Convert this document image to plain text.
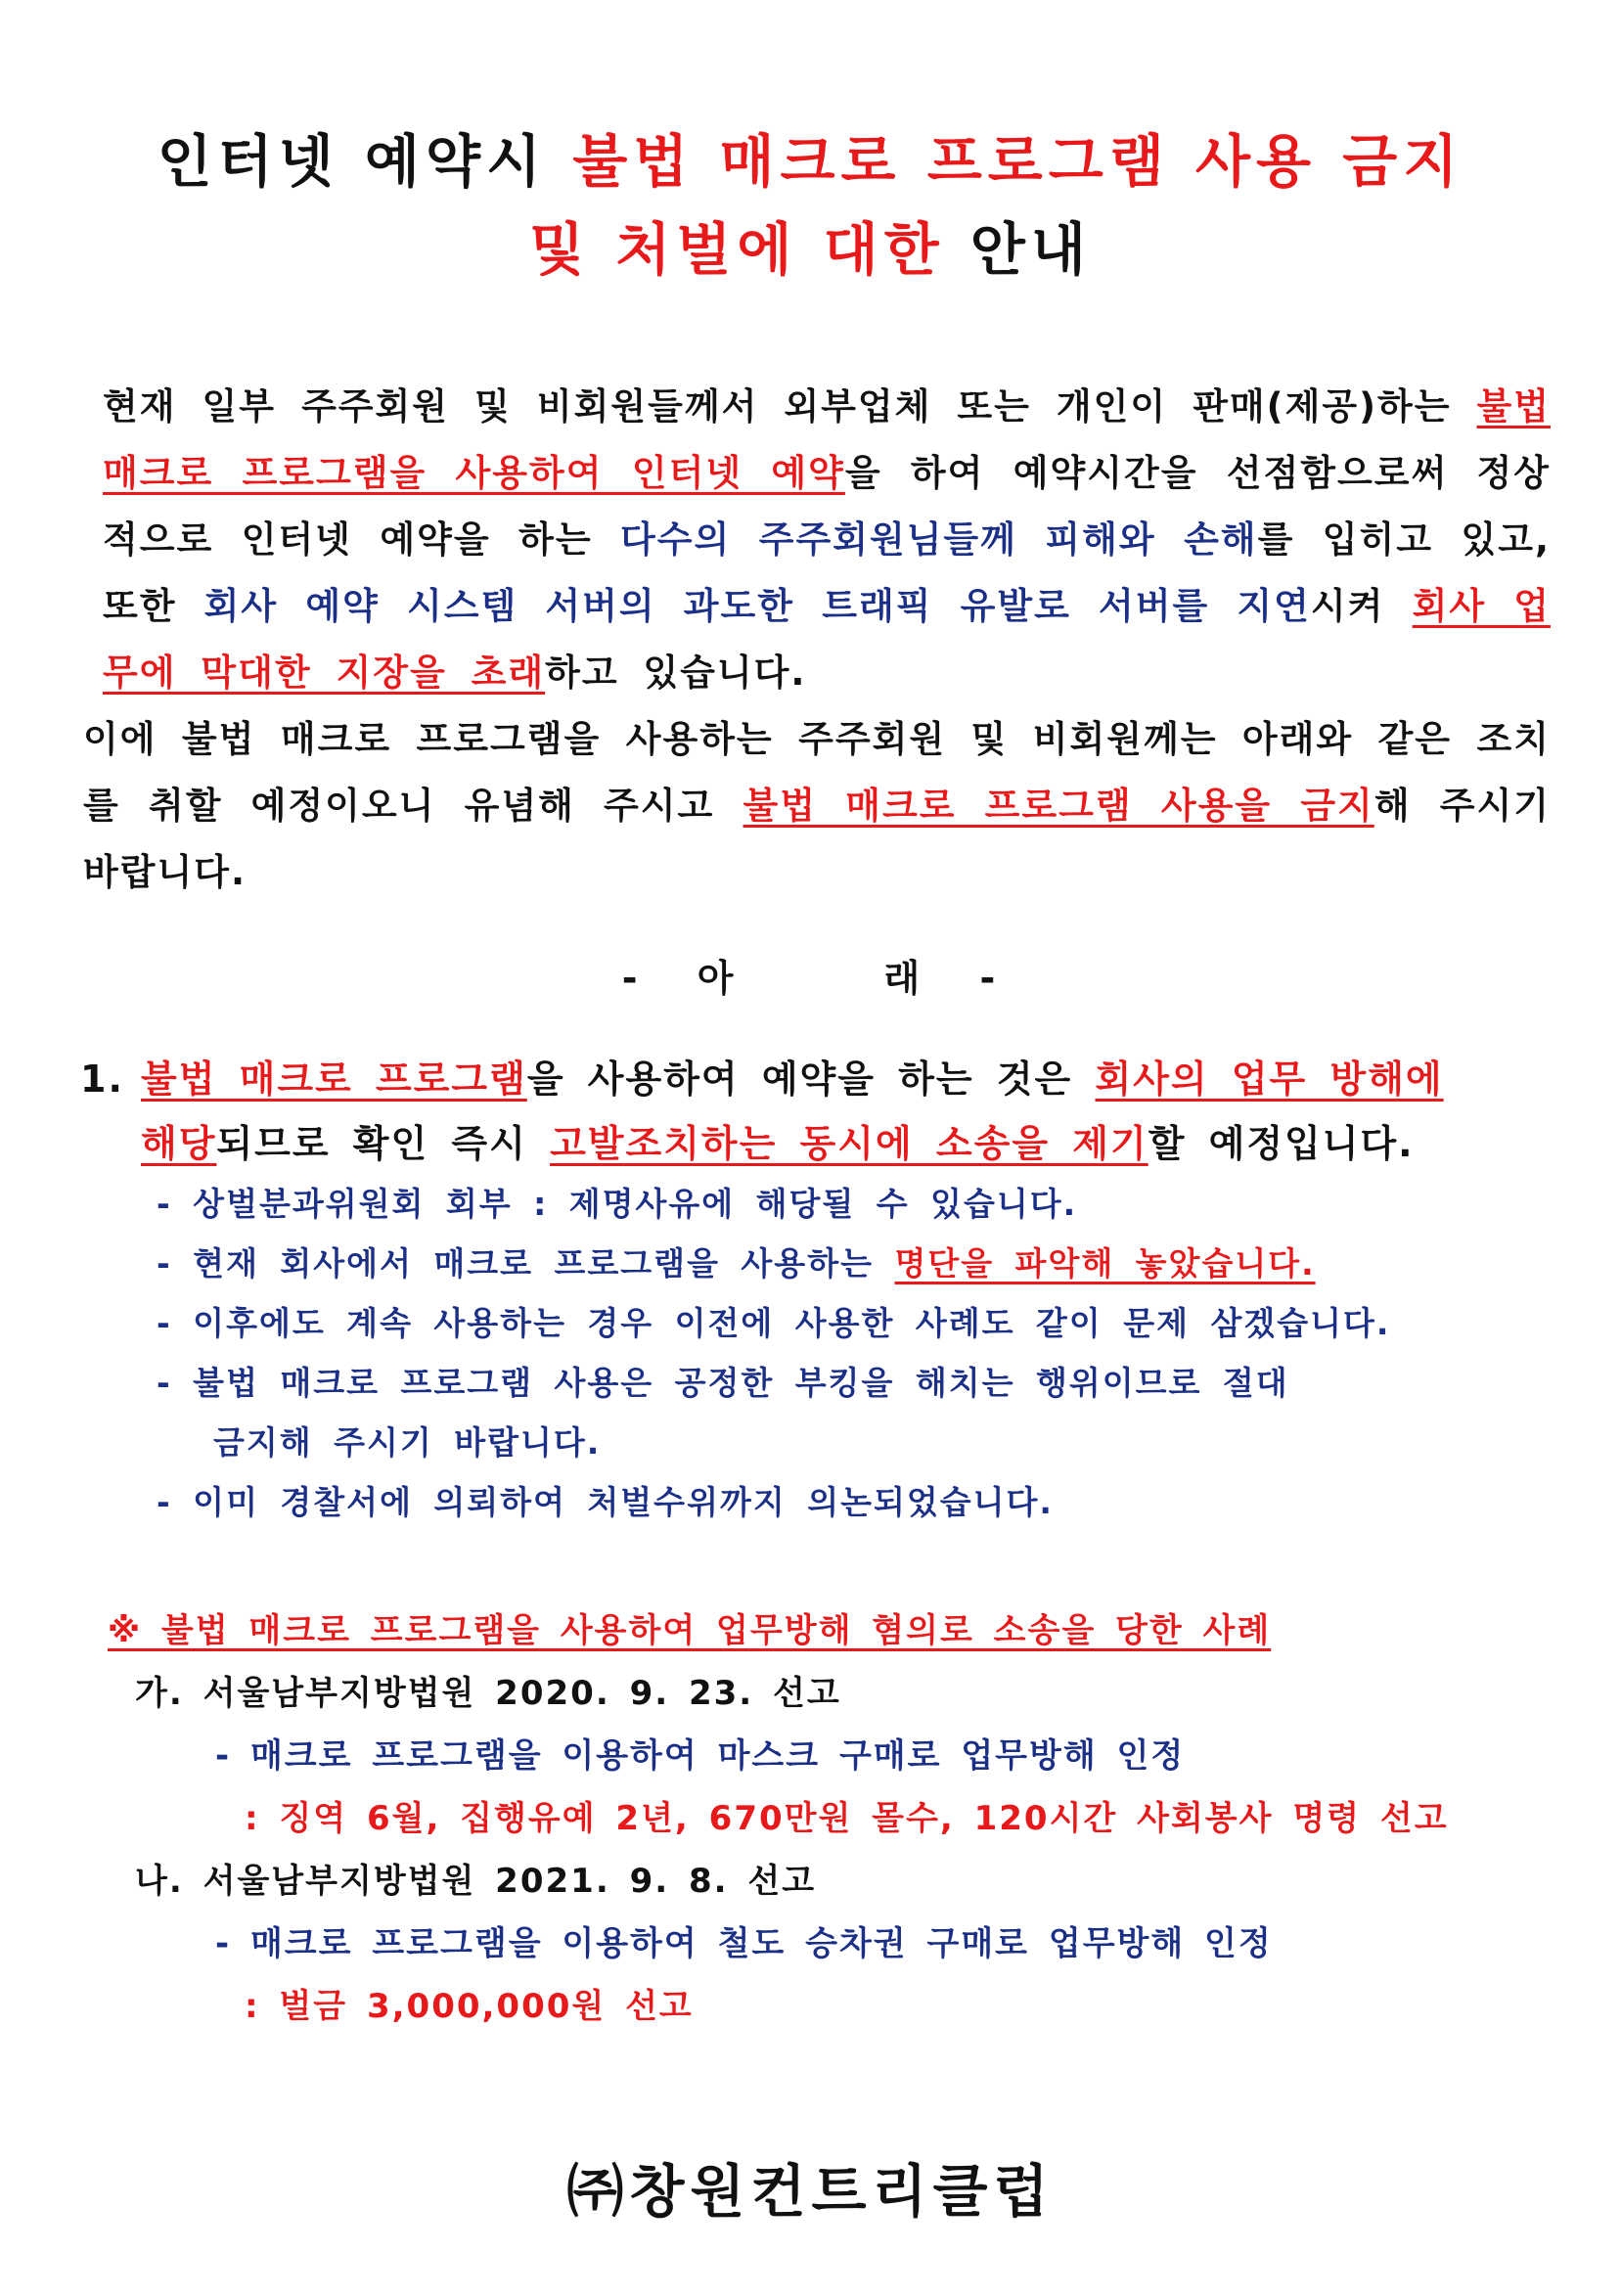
인터넷 예약시 불법 매크로 프로그램 사용 금지
및 처벌에 대한 안내

현재 일부 주주회원 및 비회원들께서 외부업체 또는 개인이 판매(제공)하는 불법 매크로 프로그램을 사용하여 인터넷 예약을 하여 예약시간을 선점함으로써 정상적으로 인터넷 예약을 하는 다수의 주주회원님들께 피해와 손해를 입히고 있고, 또한 회사 예약 시스템 서버의 과도한 트래픽 유발로 서버를 지연시켜 회사 업무에 막대한 지장을 초래하고 있습니다.

이에 불법 매크로 프로그램을 사용하는 주주회원 및 비회원께는 아래와 같은 조치를 취할 예정이오니 유념해 주시고 불법 매크로 프로그램 사용을 금지해 주시기 바랍니다.

- 아	래 -
1. 불법 매크로 프로그램을 사용하여 예약을 하는 것은 회사의 업무 방해에
해당되므로 확인 즉시 고발조치하는 동시에 소송을 제기할 예정입니다.
- 상벌분과위원회 회부 : 제명사유에 해당될 수 있습니다.
- 현재 회사에서 매크로 프로그램을 사용하는 명단을 파악해 놓았습니다.
- 이후에도 계속 사용하는 경우 이전에 사용한 사례도 같이 문제 삼겠습니다.
- 불법 매크로 프로그램 사용은 공정한 부킹을 해치는 행위이므로 절대
금지해 주시기 바랍니다.
- 이미 경찰서에 의뢰하여 처벌수위까지 의논되었습니다.
※ 불법 매크로 프로그램을 사용하여 업무방해 혐의로 소송을 당한 사례
가. 서울남부지방법원 2020. 9. 23. 선고
- 매크로 프로그램을 이용하여 마스크 구매로 업무방해 인정
: 징역 6월, 집행유예 2년, 670만원 몰수, 120시간 사회봉사 명령 선고
나. 서울남부지방법원 2021. 9. 8. 선고
- 매크로 프로그램을 이용하여 철도 승차권 구매로 업무방해 인정
: 벌금 3,000,000원 선고
㈜창원컨트리클럽
